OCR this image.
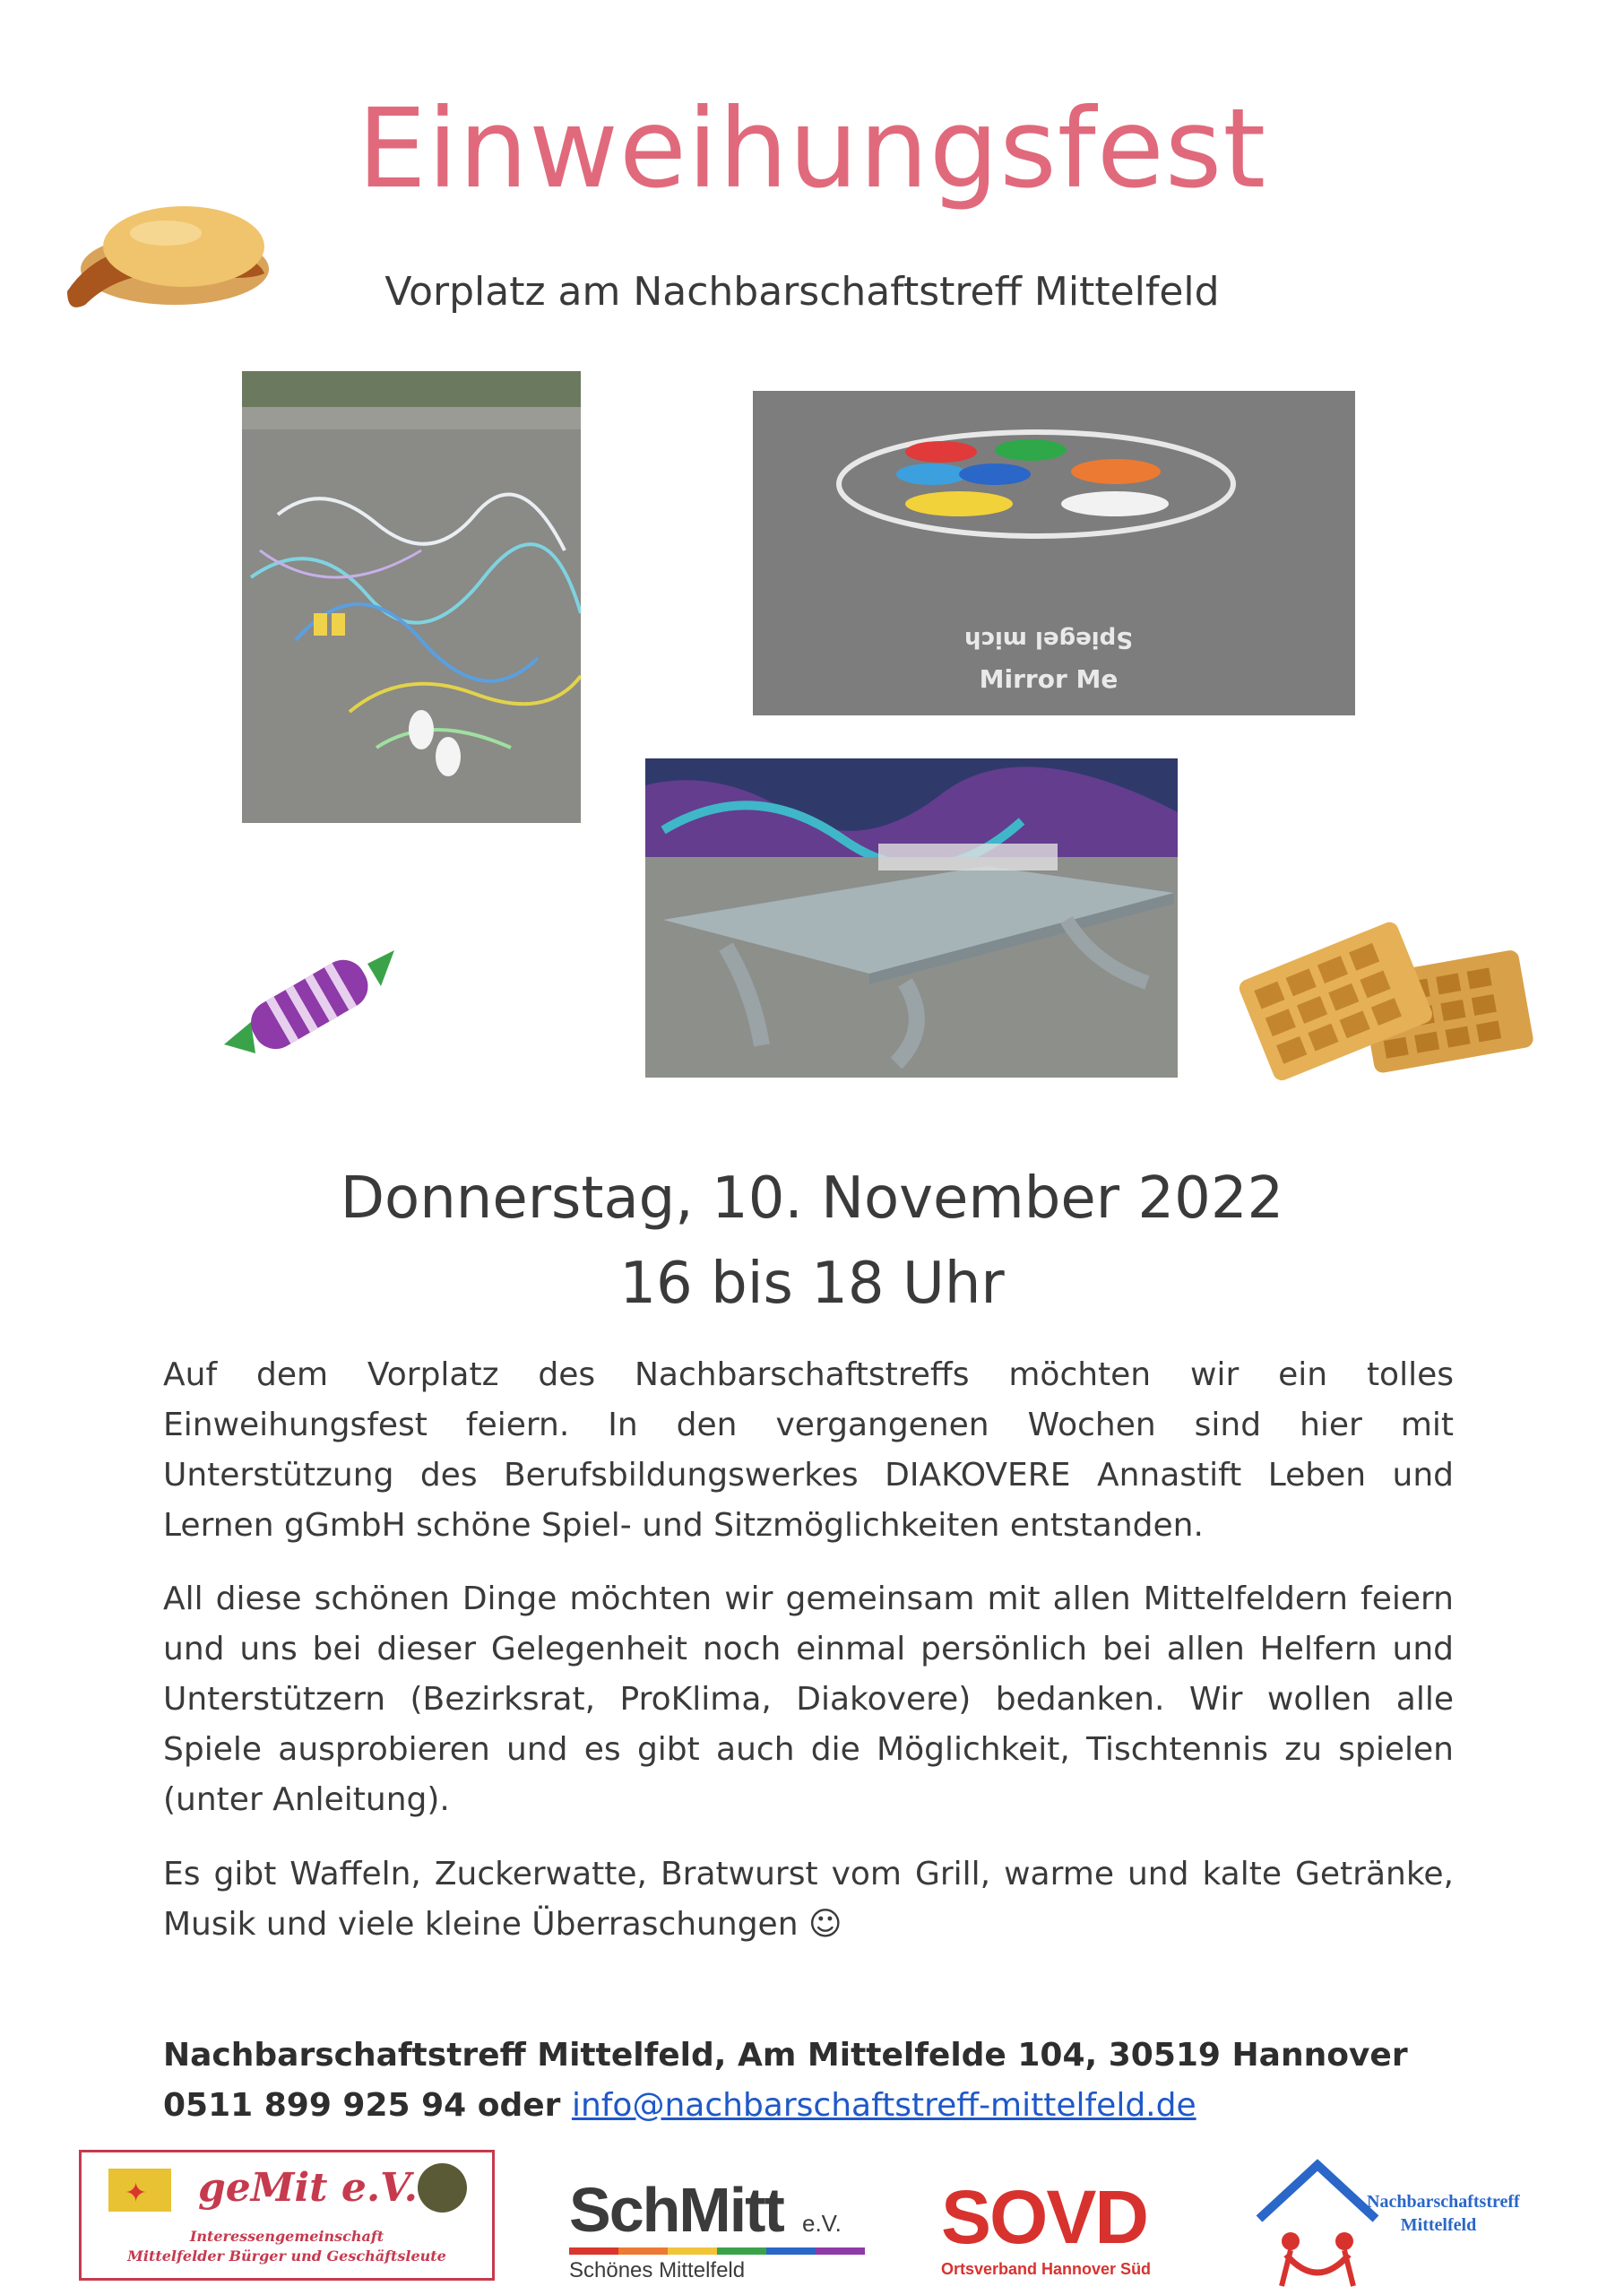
Einweihungsfest
Vorplatz am Nachbarschaftstreff Mittelfeld
Spiegel mich
Mirror Me
Donnerstag, 10. November 2022
16 bis 18 Uhr
Auf dem Vorplatz des Nachbarschaftstreffs möchten wir ein tolles Einweihungsfest feiern. In den vergangenen Wochen sind hier mit Unterstützung des Berufsbildungswerkes DIAKOVERE Annastift Leben und Lernen gGmbH schöne Spiel- und Sitzmöglichkeiten entstanden.
All diese schönen Dinge möchten wir gemeinsam mit allen Mittelfeldern feiern und uns bei dieser Gelegenheit noch einmal persönlich bei allen Helfern und Unterstützern (Bezirksrat, ProKlima, Diakovere) bedanken. Wir wollen alle Spiele ausprobieren und es gibt auch die Möglichkeit, Tischtennis zu spielen (unter Anleitung).
Es gibt Waffeln, Zuckerwatte, Bratwurst vom Grill, warme und kalte Getränke, Musik und viele kleine Überraschungen ☺
Nachbarschaftstreff Mittelfeld, Am Mittelfelde 104, 30519 Hannover
0511 899 925 94 oder info@nachbarschaftstreff-mittelfeld.de
✦ geMit e.V.
Interessengemeinschaft
Mittelfelder Bürger und Geschäftsleute
SchMitt e.V.
Schönes Mittelfeld
SOVD
Ortsverband Hannover Süd
Nachbarschaftstreff
Mittelfeld
